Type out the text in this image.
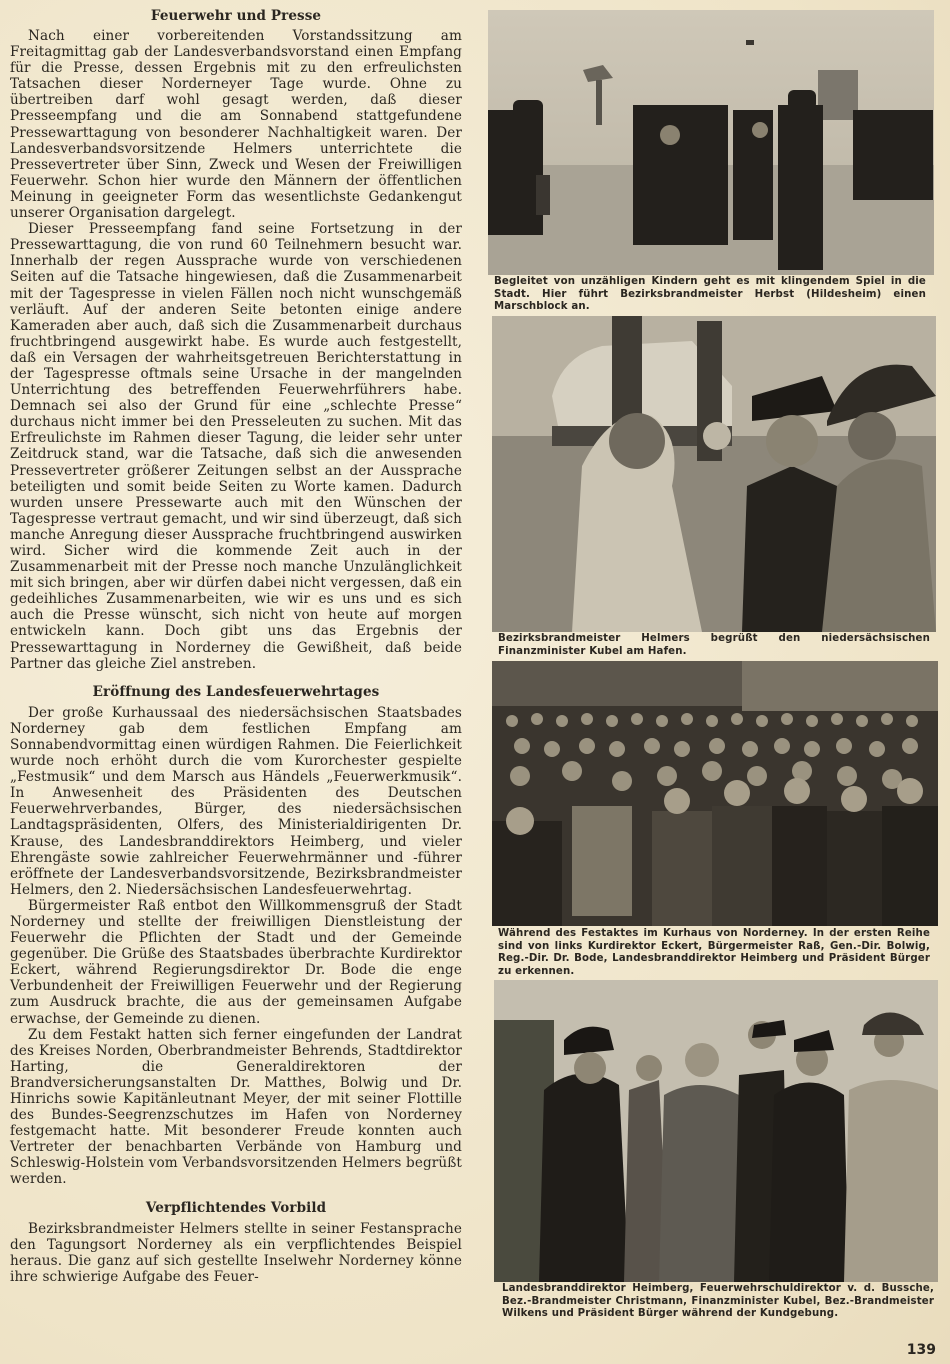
Feuerwehr und Presse

Nach einer vorbereitenden Vorstandssitzung am Freitagmittag gab der Landesverbandsvorstand einen Empfang für die Presse, dessen Ergebnis mit zu den erfreulichsten Tatsachen dieser Norderneyer Tage wurde. Ohne zu übertreiben darf wohl gesagt werden, daß dieser Presseempfang und die am Sonnabend stattgefundene Pressewarttagung von besonderer Nachhaltigkeit waren. Der Landesverbandsvorsitzende Helmers unterrichtete die Pressevertreter über Sinn, Zweck und Wesen der Freiwilligen Feuerwehr. Schon hier wurde den Männern der öffentlichen Meinung in geeigneter Form das wesentlichste Gedankengut unserer Organisation dargelegt.

Dieser Presseempfang fand seine Fortsetzung in der Pressewarttagung, die von rund 60 Teilnehmern besucht war. Innerhalb der regen Aussprache wurde von verschiedenen Seiten auf die Tatsache hingewiesen, daß die Zusammenarbeit mit der Tagespresse in vielen Fällen noch nicht wunschgemäß verläuft. Auf der anderen Seite betonten einige andere Kameraden aber auch, daß sich die Zusammenarbeit durchaus fruchtbringend ausgewirkt habe. Es wurde auch festgestellt, daß ein Versagen der wahrheitsgetreuen Berichterstattung in der Tagespresse oftmals seine Ursache in der mangelnden Unterrichtung des betreffenden Feuerwehrführers habe. Demnach sei also der Grund für eine „schlechte Presse“ durchaus nicht immer bei den Presseleuten zu suchen. Mit das Erfreulichste im Rahmen dieser Tagung, die leider sehr unter Zeitdruck stand, war die Tatsache, daß sich die anwesenden Pressevertreter größerer Zeitungen selbst an der Aussprache beteiligten und somit beide Seiten zu Worte kamen. Dadurch wurden unsere Pressewarte auch mit den Wünschen der Tagespresse vertraut gemacht, und wir sind überzeugt, daß sich manche Anregung dieser Aussprache fruchtbringend auswirken wird. Sicher wird die kommende Zeit auch in der Zusammenarbeit mit der Presse noch manche Unzulänglichkeit mit sich bringen, aber wir dürfen dabei nicht vergessen, daß ein gedeihliches Zusammenarbeiten, wie wir es uns und es sich auch die Presse wünscht, sich nicht von heute auf morgen entwickeln kann. Doch gibt uns das Ergebnis der Pressewarttagung in Norderney die Gewißheit, daß beide Partner das gleiche Ziel anstreben.

Eröffnung des Landesfeuerwehrtages

Der große Kurhaussaal des niedersächsischen Staatsbades Norderney gab dem festlichen Empfang am Sonnabendvormittag einen würdigen Rahmen. Die Feierlichkeit wurde noch erhöht durch die vom Kurorchester gespielte „Festmusik“ und dem Marsch aus Händels „Feuerwerkmusik“. In Anwesenheit des Präsidenten des Deutschen Feuerwehrverbandes, Bürger, des niedersächsischen Landtagspräsidenten, Olfers, des Ministerialdirigenten Dr. Krause, des Landesbranddirektors Heimberg, und vieler Ehrengäste sowie zahlreicher Feuerwehrmänner und -führer eröffnete der Landesverbandsvorsitzende, Bezirksbrandmeister Helmers, den 2. Niedersächsischen Landesfeuerwehrtag.

Bürgermeister Raß entbot den Willkommensgruß der Stadt Norderney und stellte der freiwilligen Dienstleistung der Feuerwehr die Pflichten der Stadt und der Gemeinde gegenüber. Die Grüße des Staatsbades überbrachte Kurdirektor Eckert, während Regierungsdirektor Dr. Bode die enge Verbundenheit der Freiwilligen Feuerwehr und der Regierung zum Ausdruck brachte, die aus der gemeinsamen Aufgabe erwachse, der Gemeinde zu dienen.

Zu dem Festakt hatten sich ferner eingefunden der Landrat des Kreises Norden, Oberbrandmeister Behrends, Stadtdirektor Harting, die Generaldirektoren der Brandversicherungsanstalten Dr. Matthes, Bolwig und Dr. Hinrichs sowie Kapitänleutnant Meyer, der mit seiner Flottille des Bundes-Seegrenzschutzes im Hafen von Norderney festgemacht hatte. Mit besonderer Freude konnten auch Vertreter der benachbarten Verbände von Hamburg und Schleswig-Holstein vom Verbandsvorsitzenden Helmers begrüßt werden.

Verpflichtendes Vorbild

Bezirksbrandmeister Helmers stellte in seiner Festansprache den Tagungsort Norderney als ein verpflichtendes Beispiel heraus. Die ganz auf sich gestellte Inselwehr Norderney könne ihre schwierige Aufgabe des Feuer-

Begleitet von unzähligen Kindern geht es mit klingendem Spiel in die Stadt. Hier führt Bezirksbrandmeister Herbst (Hildesheim) einen Marschblock an.
Bezirksbrandmeister Helmers begrüßt den niedersächsischen Finanzminister Kubel am Hafen.
Während des Festaktes im Kurhaus von Norderney. In der ersten Reihe sind von links Kurdirektor Eckert, Bürgermeister Raß, Gen.-Dir. Bolwig, Reg.-Dir. Dr. Bode, Landesbranddirektor Heimberg und Präsident Bürger zu erkennen.
Landesbranddirektor Heimberg, Feuerwehrschuldirektor v. d. Bussche, Bez.-Brandmeister Christmann, Finanzminister Kubel, Bez.-Brandmeister Wilkens und Präsident Bürger während der Kundgebung.
139
